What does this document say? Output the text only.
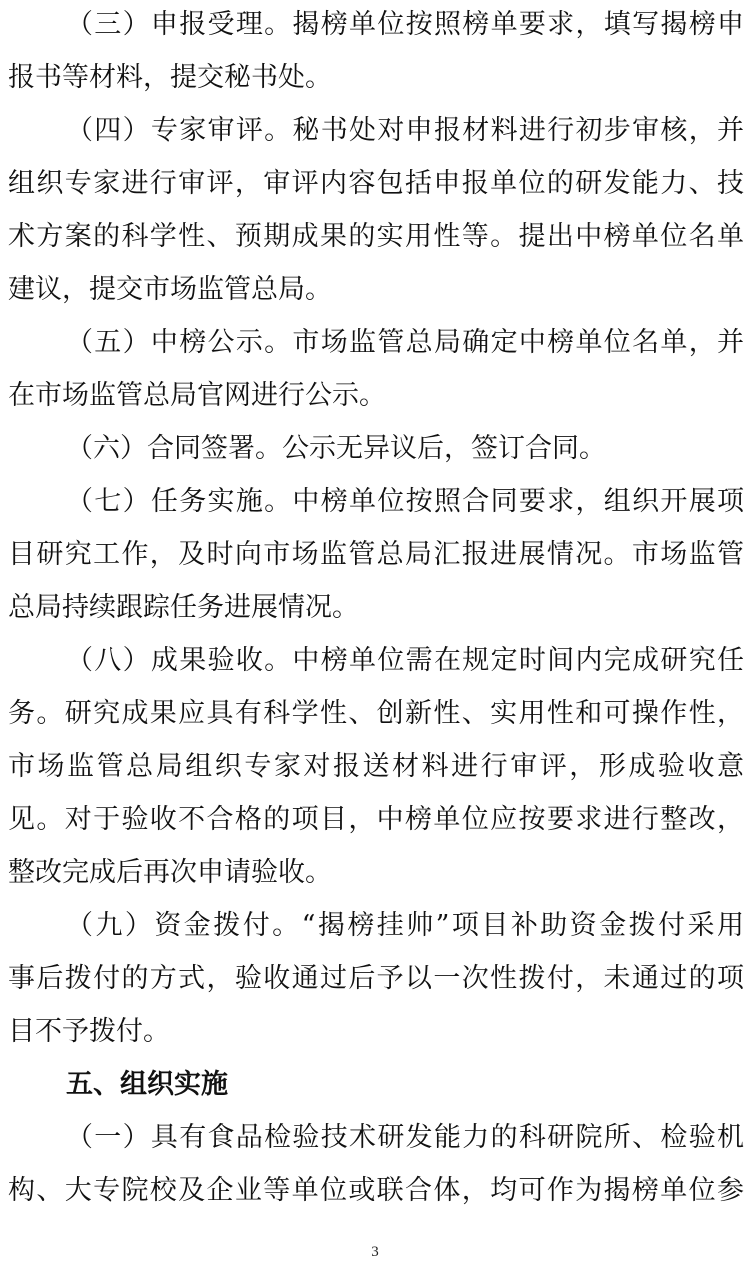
（三）申报受理。揭榜单位按照榜单要求，填写揭榜申
报书等材料，提交秘书处。
（四）专家审评。秘书处对申报材料进行初步审核，并
组织专家进行审评，审评内容包括申报单位的研发能力、技
术方案的科学性、预期成果的实用性等。提出中榜单位名单
建议，提交市场监管总局。
（五）中榜公示。市场监管总局确定中榜单位名单，并
在市场监管总局官网进行公示。
（六）合同签署。公示无异议后，签订合同。
（七）任务实施。中榜单位按照合同要求，组织开展项
目研究工作，及时向市场监管总局汇报进展情况。市场监管
总局持续跟踪任务进展情况。
（八）成果验收。中榜单位需在规定时间内完成研究任
务。研究成果应具有科学性、创新性、实用性和可操作性，
市场监管总局组织专家对报送材料进行审评，形成验收意
见。对于验收不合格的项目，中榜单位应按要求进行整改，
整改完成后再次申请验收。
（九）资金拨付。“揭榜挂帅”项目补助资金拨付采用
事后拨付的方式，验收通过后予以一次性拨付，未通过的项
目不予拨付。
五、组织实施
（一）具有食品检验技术研发能力的科研院所、检验机
构、大专院校及企业等单位或联合体，均可作为揭榜单位参
3
